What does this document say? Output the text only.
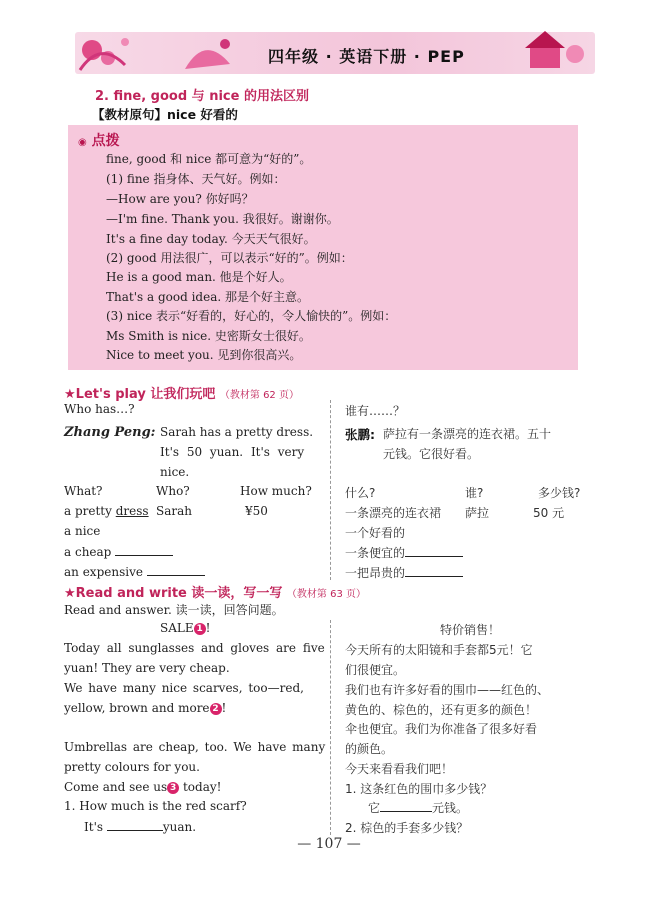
四年级 · 英语下册 · PEP
2. fine, good 与 nice 的用法区别
【教材原句】nice 好看的
◉ 点拨
fine, good 和 nice 都可意为“好的”。
(1) fine 指身体、天气好。例如：
—How are you? 你好吗？
—I'm fine. Thank you. 我很好。谢谢你。
It's a fine day today. 今天天气很好。
(2) good 用法很广，可以表示“好的”。例如：
He is a good man. 他是个好人。
That's a good idea. 那是个好主意。
(3) nice 表示“好看的，好心的，令人愉快的”。例如：
Ms Smith is nice. 史密斯女士很好。
Nice to meet you. 见到你很高兴。
★Let's play 让我们玩吧 （教材第 62 页）
Who has…?	谁有……？
Zhang Peng: Sarah has a pretty dress.
It's 50 yuan. It's very
nice.
张鹏: 萨拉有一条漂亮的连衣裙。五十
元钱。它很好看。
What?	Who?	How much?	什么?	谁?	多少钱?
a pretty dress Sarah	¥50	一条漂亮的连衣裙 萨拉	50 元
a nice
a cheap
an expensive
一个好看的
一条便宜的
一把昂贵的
★Read and write 读一读，写一写 （教材第 63 页）
Read and answer. 读一读，回答问题。
SALE 1 !	特价销售！
Today all sunglasses and gloves are five
yuan! They are very cheap.
We have many nice scarves, too—red,
yellow, brown and more 2 !
Umbrellas are cheap, too. We have many
pretty colours for you.
Come and see us 3 today!
1. How much is the red scarf?
It's	yuan.
今天所有的太阳镜和手套都5元！它
们很便宜。
我们也有许多好看的围巾——红色的、
黄色的、棕色的，还有更多的颜色！
伞也便宜。我们为你准备了很多好看
的颜色。
今天来看看我们吧！
1. 这条红色的围巾多少钱？
它	元钱。
2. 棕色的手套多少钱？
— 107 —
